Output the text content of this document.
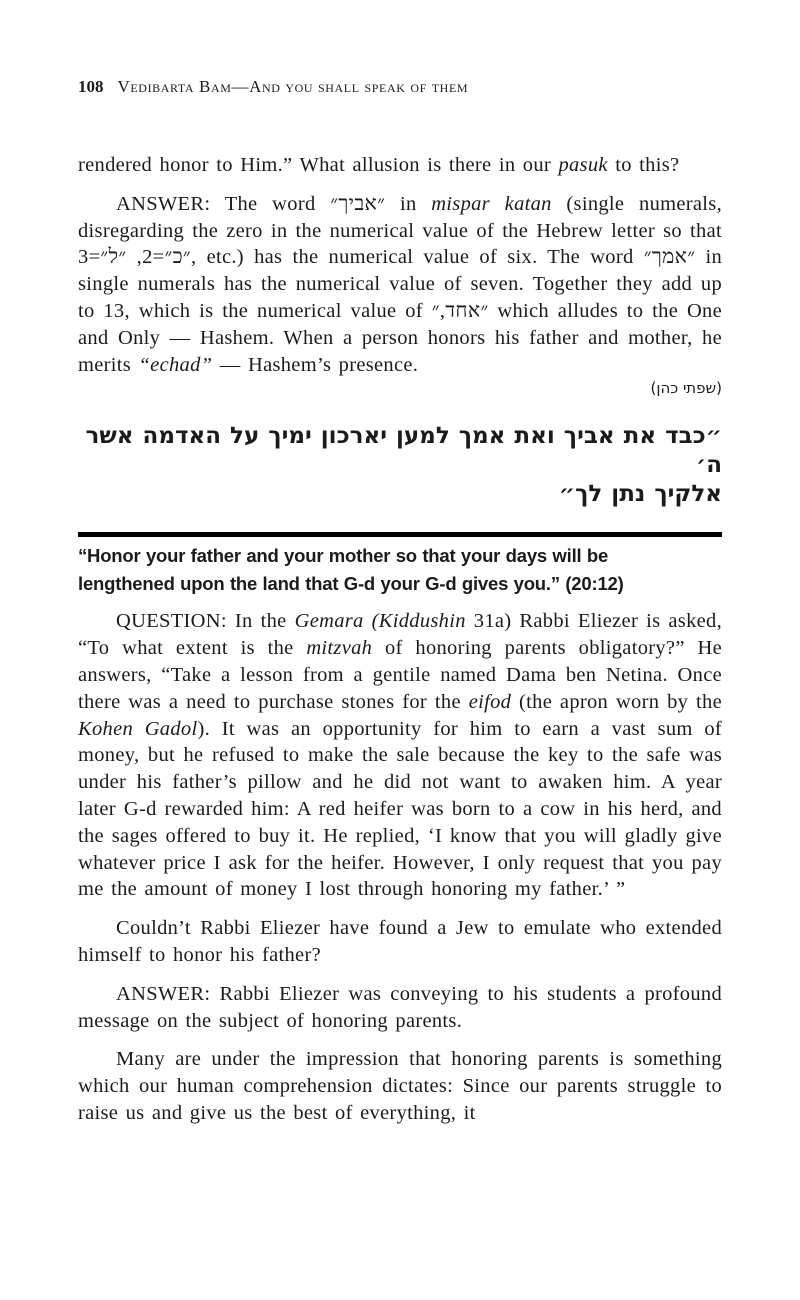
108 Vedibarta Bam—And you shall speak of them

rendered honor to Him.” What allusion is there in our pasuk to this?

ANSWER: The word ״אביך״ in mispar katan (single numerals, disregarding the zero in the numerical value of the Hebrew letter so that ״כ״=2, ״ל״=3, etc.) has the numerical value of six. The word ״אמך״ in single numerals has the numerical value of seven. Together they add up to 13, which is the numerical value of ״אחד,״ which alludes to the One and Only — Hashem. When a person honors his father and mother, he merits “echad” — Hashem’s presence.

(שפתי כהן)

״כבד את אביך ואת אמך למען יארכון ימיך על האדמה אשר ה׳
אלקיך נתן לך״

“Honor your father and your mother so that your days will be
lengthened upon the land that G-d your G-d gives you.” (20:12)

QUESTION: In the Gemara (Kiddushin 31a) Rabbi Eliezer is asked, “To what extent is the mitzvah of honoring parents obligatory?” He answers, “Take a lesson from a gentile named Dama ben Netina. Once there was a need to purchase stones for the eifod (the apron worn by the Kohen Gadol). It was an opportunity for him to earn a vast sum of money, but he refused to make the sale because the key to the safe was under his father’s pillow and he did not want to awaken him. A year later G-d rewarded him: A red heifer was born to a cow in his herd, and the sages offered to buy it. He replied, ‘I know that you will gladly give whatever price I ask for the heifer. However, I only request that you pay me the amount of money I lost through honoring my father.’ ”

Couldn’t Rabbi Eliezer have found a Jew to emulate who extended himself to honor his father?

ANSWER: Rabbi Eliezer was conveying to his students a profound message on the subject of honoring parents.

Many are under the impression that honoring parents is something which our human comprehension dictates: Since our parents struggle to raise us and give us the best of everything, it
